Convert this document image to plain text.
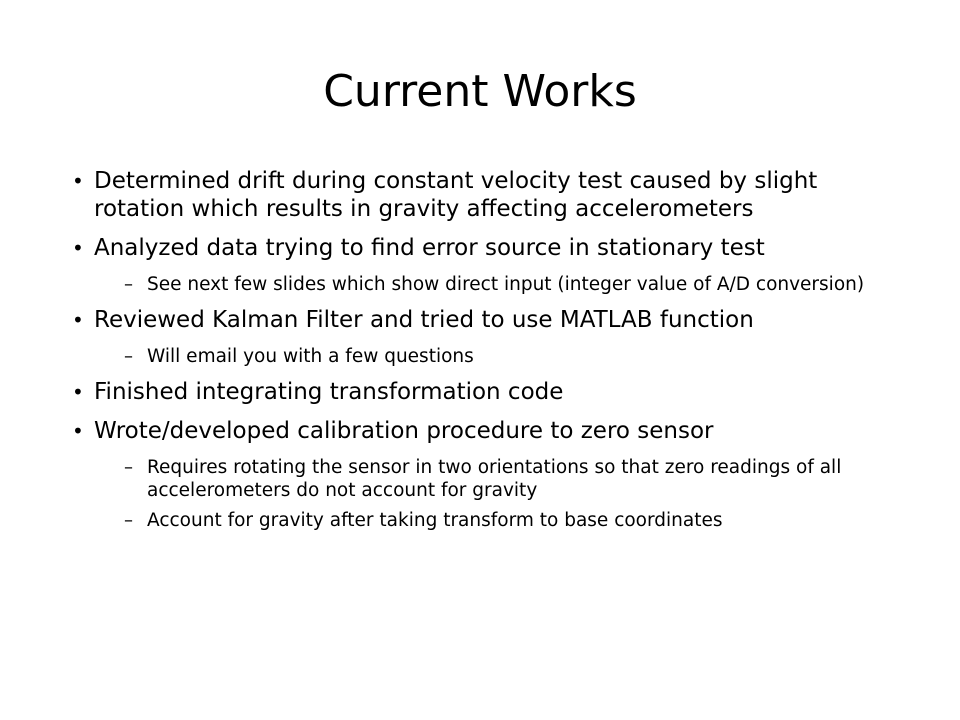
Current Works
• Determined drift during constant velocity test caused by slight rotation which results in gravity affecting accelerometers
• Analyzed data trying to find error source in stationary test
– See next few slides which show direct input (integer value of A/D conversion)
• Reviewed Kalman Filter and tried to use MATLAB function
– Will email you with a few questions
• Finished integrating transformation code
• Wrote/developed calibration procedure to zero sensor
– Requires rotating the sensor in two orientations so that zero readings of all accelerometers do not account for gravity
– Account for gravity after taking transform to base coordinates
